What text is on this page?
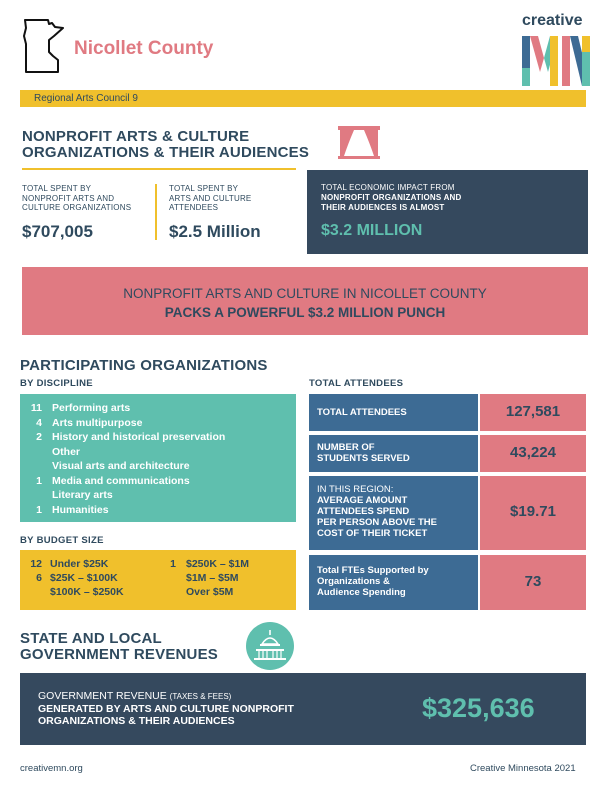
Nicollet County
creative
Regional Arts Council 9
NONPROFIT ARTS & CULTURE
ORGANIZATIONS & THEIR AUDIENCES
TOTAL SPENT BY
NONPROFIT ARTS AND
CULTURE ORGANIZATIONS
$707,005
TOTAL SPENT BY
ARTS AND CULTURE
ATTENDEES
$2.5 Million
TOTAL ECONOMIC IMPACT FROM
NONPROFIT ORGANIZATIONS AND
THEIR AUDIENCES IS ALMOST
$3.2 MILLION
NONPROFIT ARTS AND CULTURE IN NICOLLET COUNTY
PACKS A POWERFUL $3.2 MILLION PUNCH
PARTICIPATING ORGANIZATIONS
BY DISCIPLINE
11 Performing arts
4 Arts multipurpose
2 History and historical preservation
Other
Visual arts and architecture
1 Media and communications
Literary arts
1 Humanities
BY BUDGET SIZE
12 Under $25K
6 $25K – $100K
$100K – $250K
1 $250K – $1M
$1M – $5M
Over $5M
TOTAL ATTENDEES
TOTAL ATTENDEES	127,581
NUMBER OF
STUDENTS SERVED	43,224
IN THIS REGION:
AVERAGE AMOUNT
ATTENDEES SPEND
PER PERSON ABOVE THE
COST OF THEIR TICKET
$19.71
Total FTEs Supported by
Organizations &
Audience Spending
73
STATE AND LOCAL
GOVERNMENT REVENUES
GOVERNMENT REVENUE (TAXES & FEES)
GENERATED BY ARTS AND CULTURE NONPROFIT
ORGANIZATIONS & THEIR AUDIENCES	$325,636
creativemn.org	Creative Minnesota 2021
